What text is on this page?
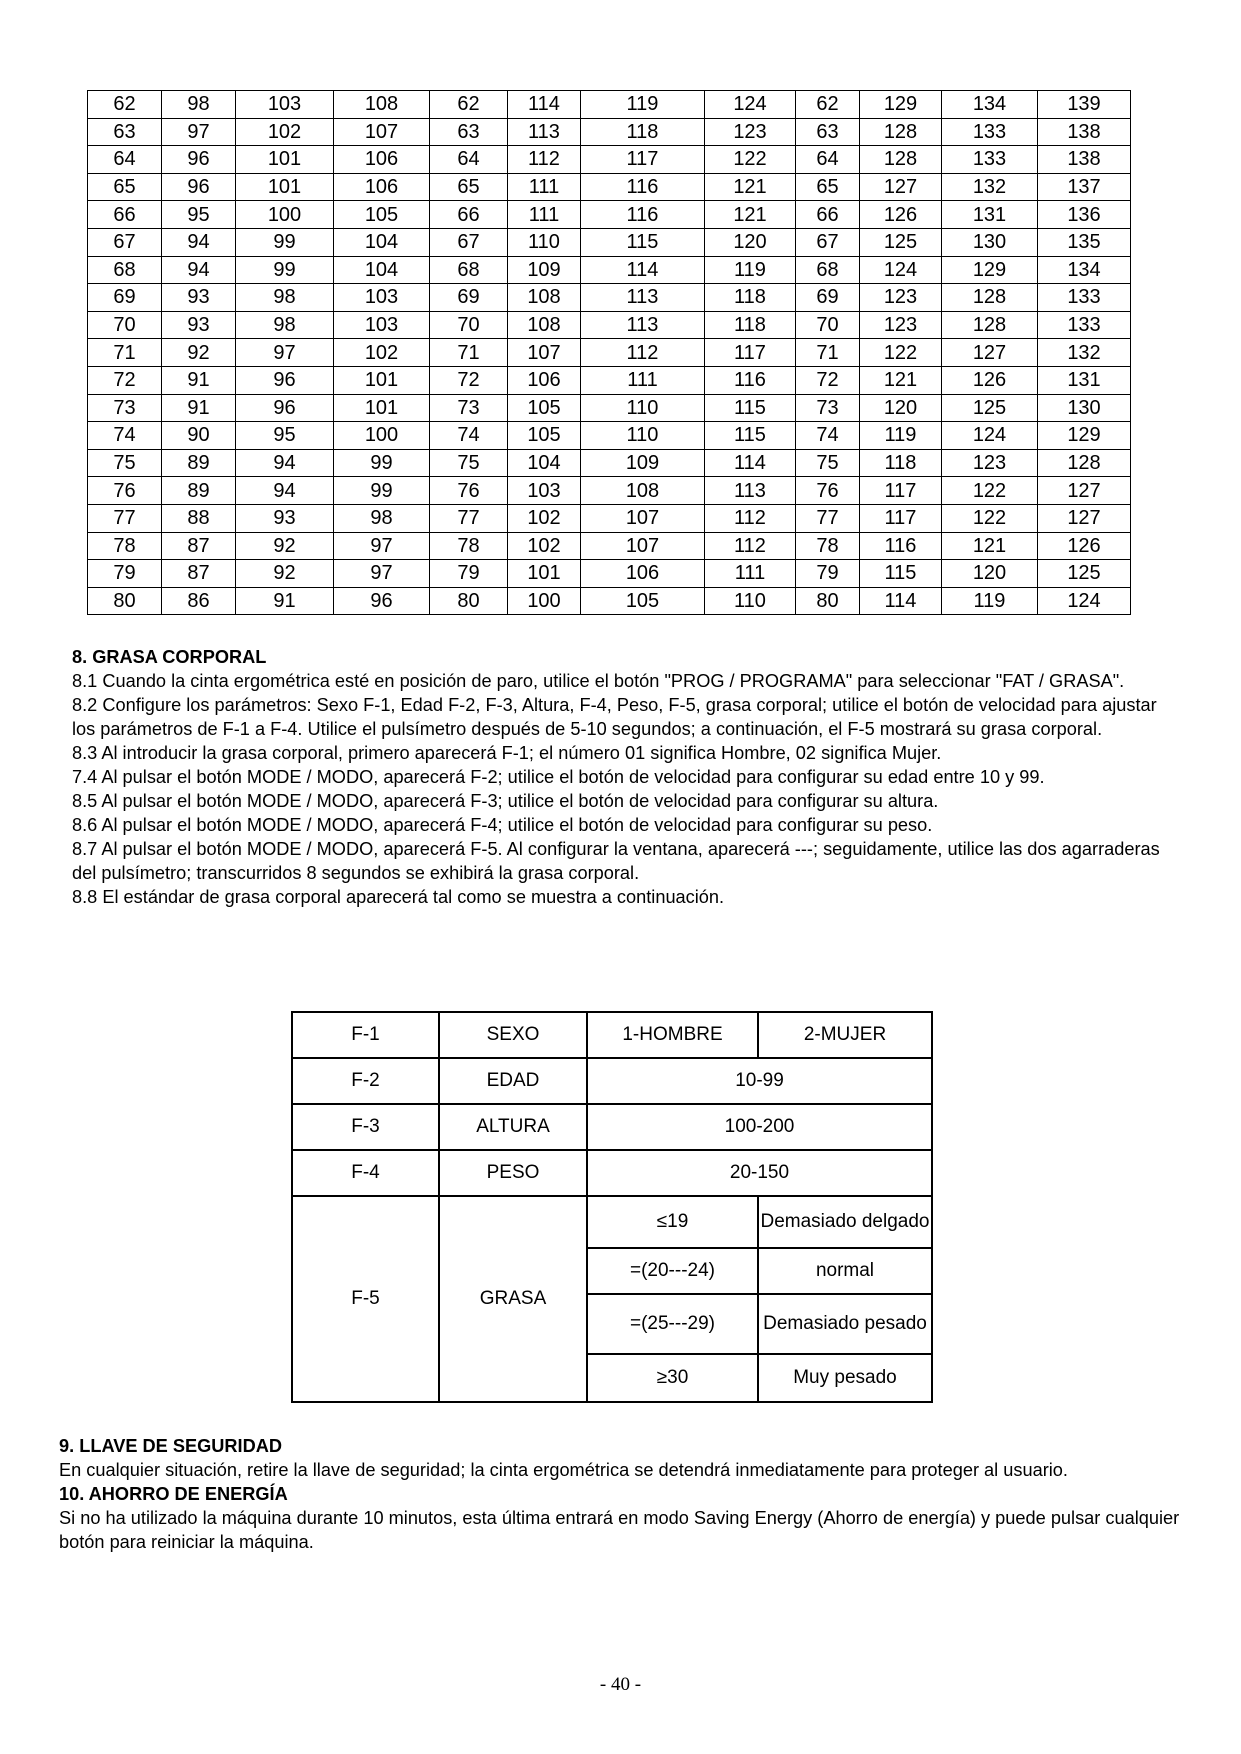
62	98	103	108	62	114	119	124	62	129	134	139
63	97	102	107	63	113	118	123	63	128	133	138
64	96	101	106	64	112	117	122	64	128	133	138
65	96	101	106	65	111	116	121	65	127	132	137
66	95	100	105	66	111	116	121	66	126	131	136
67	94	99	104	67	110	115	120	67	125	130	135
68	94	99	104	68	109	114	119	68	124	129	134
69	93	98	103	69	108	113	118	69	123	128	133
70	93	98	103	70	108	113	118	70	123	128	133
71	92	97	102	71	107	112	117	71	122	127	132
72	91	96	101	72	106	111	116	72	121	126	131
73	91	96	101	73	105	110	115	73	120	125	130
74	90	95	100	74	105	110	115	74	119	124	129
75	89	94	99	75	104	109	114	75	118	123	128
76	89	94	99	76	103	108	113	76	117	122	127
77	88	93	98	77	102	107	112	77	117	122	127
78	87	92	97	78	102	107	112	78	116	121	126
79	87	92	97	79	101	106	111	79	115	120	125
80	86	91	96	80	100	105	110	80	114	119	124
8. GRASA CORPORAL

8.1 Cuando la cinta ergométrica esté en posición de paro, utilice el botón "PROG / PROGRAMA" para seleccionar "FAT / GRASA".

8.2 Configure los parámetros: Sexo F-1, Edad F-2, F-3, Altura, F-4, Peso, F-5, grasa corporal; utilice el botón de velocidad para ajustar los parámetros de F-1 a F-4. Utilice el pulsímetro después de 5-10 segundos; a continuación, el F-5 mostrará su grasa corporal.

8.3 Al introducir la grasa corporal, primero aparecerá F-1; el número 01 significa Hombre, 02 significa Mujer.

7.4 Al pulsar el botón MODE / MODO, aparecerá F-2; utilice el botón de velocidad para configurar su edad entre 10 y 99.

8.5 Al pulsar el botón MODE / MODO, aparecerá F-3; utilice el botón de velocidad para configurar su altura.

8.6 Al pulsar el botón MODE / MODO, aparecerá F-4; utilice el botón de velocidad para configurar su peso.

8.7 Al pulsar el botón MODE / MODO, aparecerá F-5. Al configurar la ventana, aparecerá ---; seguidamente, utilice las dos agarraderas del pulsímetro; transcurridos 8 segundos se exhibirá la grasa corporal.

8.8 El estándar de grasa corporal aparecerá tal como se muestra a continuación.

F-1	SEXO	1-HOMBRE	2-MUJER
F-2	EDAD	10-99	
F-3	ALTURA	100-200	
F-4	PESO	20-150	
F-5	GRASA	≤19	Demasiado delgado
		=(20---24)	normal
		=(25---29)	Demasiado pesado
		≥30	Muy pesado
9. LLAVE DE SEGURIDAD

En cualquier situación, retire la llave de seguridad; la cinta ergométrica se detendrá inmediatamente para proteger al usuario.

10. AHORRO DE ENERGÍA

Si no ha utilizado la máquina durante 10 minutos, esta última entrará en modo Saving Energy (Ahorro de energía) y puede pulsar cualquier botón para reiniciar la máquina.

- 40 -
